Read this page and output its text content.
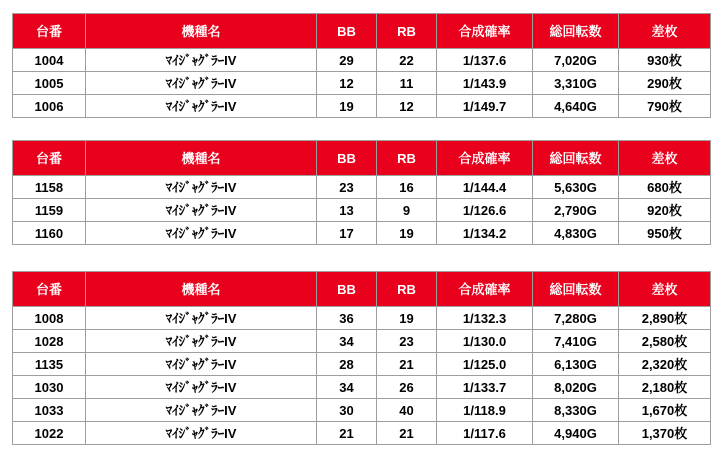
台番	機種名	BB	RB	合成確率	総回転数	差枚
1004	ﾏｲｼﾞｬｸﾞﾗｰIV	29	22	1/137.6	7,020G	930枚
1005	ﾏｲｼﾞｬｸﾞﾗｰIV	12	11	1/143.9	3,310G	290枚
1006	ﾏｲｼﾞｬｸﾞﾗｰIV	19	12	1/149.7	4,640G	790枚
台番	機種名	BB	RB	合成確率	総回転数	差枚
1158	ﾏｲｼﾞｬｸﾞﾗｰIV	23	16	1/144.4	5,630G	680枚
1159	ﾏｲｼﾞｬｸﾞﾗｰIV	13	9	1/126.6	2,790G	920枚
1160	ﾏｲｼﾞｬｸﾞﾗｰIV	17	19	1/134.2	4,830G	950枚
台番	機種名	BB	RB	合成確率	総回転数	差枚
1008	ﾏｲｼﾞｬｸﾞﾗｰIV	36	19	1/132.3	7,280G	2,890枚
1028	ﾏｲｼﾞｬｸﾞﾗｰIV	34	23	1/130.0	7,410G	2,580枚
1135	ﾏｲｼﾞｬｸﾞﾗｰIV	28	21	1/125.0	6,130G	2,320枚
1030	ﾏｲｼﾞｬｸﾞﾗｰIV	34	26	1/133.7	8,020G	2,180枚
1033	ﾏｲｼﾞｬｸﾞﾗｰIV	30	40	1/118.9	8,330G	1,670枚
1022	ﾏｲｼﾞｬｸﾞﾗｰIV	21	21	1/117.6	4,940G	1,370枚
